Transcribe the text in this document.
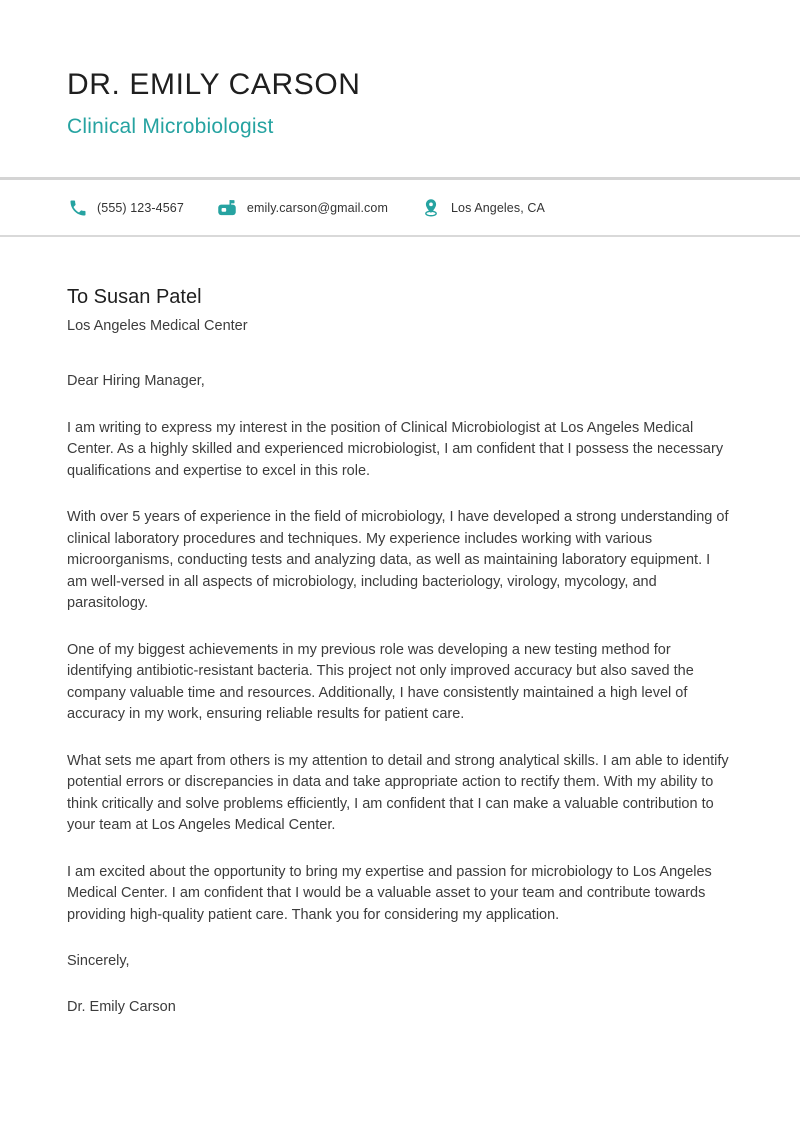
DR. EMILY CARSON
Clinical Microbiologist
(555) 123-4567	emily.carson@gmail.com	Los Angeles, CA
To Susan Patel
Los Angeles Medical Center

Dear Hiring Manager,

I am writing to express my interest in the position of Clinical Microbiologist at Los Angeles Medical Center. As a highly skilled and experienced microbiologist, I am confident that I possess the necessary qualifications and expertise to excel in this role.

With over 5 years of experience in the field of microbiology, I have developed a strong understanding of clinical laboratory procedures and techniques. My experience includes working with various microorganisms, conducting tests and analyzing data, as well as maintaining laboratory equipment. I am well-versed in all aspects of microbiology, including bacteriology, virology, mycology, and parasitology.

One of my biggest achievements in my previous role was developing a new testing method for identifying antibiotic-resistant bacteria. This project not only improved accuracy but also saved the company valuable time and resources. Additionally, I have consistently maintained a high level of accuracy in my work, ensuring reliable results for patient care.

What sets me apart from others is my attention to detail and strong analytical skills. I am able to identify potential errors or discrepancies in data and take appropriate action to rectify them. With my ability to think critically and solve problems efficiently, I am confident that I can make a valuable contribution to your team at Los Angeles Medical Center.

I am excited about the opportunity to bring my expertise and passion for microbiology to Los Angeles Medical Center. I am confident that I would be a valuable asset to your team and contribute towards providing high-quality patient care. Thank you for considering my application.

Sincerely,

Dr. Emily Carson
